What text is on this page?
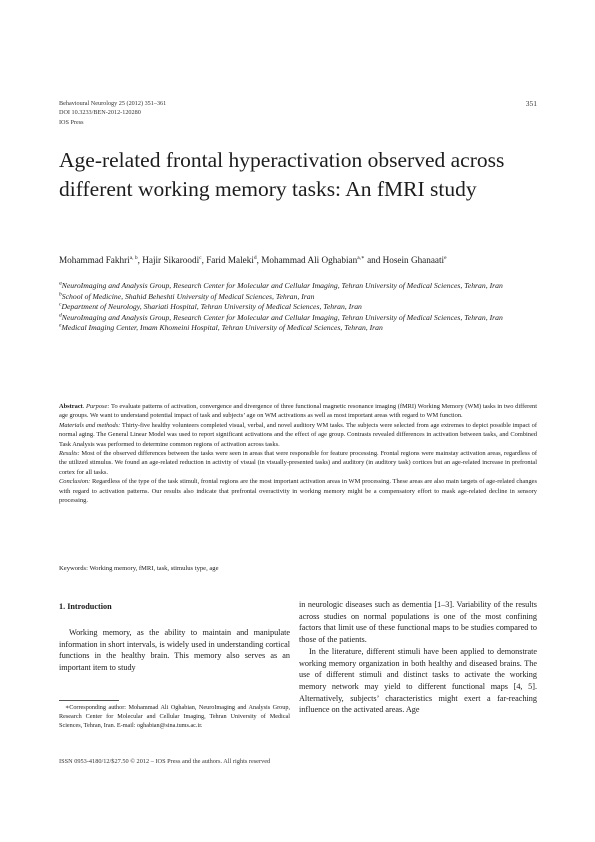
Behavioural Neurology 25 (2012) 351–361
DOI 10.3233/BEN-2012-120280
IOS Press
351
Age-related frontal hyperactivation observed across different working memory tasks: An fMRI study
Mohammad Fakhri$^{a, b}$, Hajir Sikaroodi$^c$, Farid Maleki$^d$, Mohammad Ali Oghabian$^{a,∗}$ and Hosein Ghanaati$^e$

$^a$NeuroImaging and Analysis Group, Research Center for Molecular and Cellular Imaging, Tehran University of Medical Sciences, Tehran, Iran

$^b$School of Medicine, Shahid Beheshti University of Medical Sciences, Tehran, Iran

$^c$Department of Neurology, Shariati Hospital, Tehran University of Medical Sciences, Tehran, Iran

$^d$NeuroImaging and Analysis Group, Research Center for Molecular and Cellular Imaging, Tehran University of Medical Sciences, Tehran, Iran

$^e$Medical Imaging Center, Imam Khomeini Hospital, Tehran University of Medical Sciences, Tehran, Iran

Abstract. Purpose: To evaluate patterns of activation, convergence and divergence of three functional magnetic resonance imaging (fMRI) Working Memory (WM) tasks in two different age groups. We want to understand potential impact of task and subjects’ age on WM activations as well as most important areas with regard to WM function.

Materials and methods: Thirty-five healthy volunteers completed visual, verbal, and novel auditory WM tasks. The subjects were selected from age extremes to depict possible impact of normal aging. The General Linear Model was used to report significant activations and the effect of age group. Contrasts revealed differences in activation between tasks, and Combined Task Analysis was performed to determine common regions of activation across tasks.

Results: Most of the observed differences between the tasks were seen in areas that were responsible for feature processing. Frontal regions were mainstay activation areas, regardless of the utilized stimulus. We found an age-related reduction in activity of visual (in visually-presented tasks) and auditory (in auditory task) cortices but an age-related increase in prefrontal cortex for all tasks.

Conclusion: Regardless of the type of the task stimuli, frontal regions are the most important activation areas in WM processing. These areas are also main targets of age-related changes with regard to activation patterns. Our results also indicate that prefrontal overactivity in working memory might be a compensatory effort to mask age-related decline in sensory processing.

Keywords: Working memory, fMRI, task, stimulus type, age
1. Introduction

Working memory, as the ability to maintain and manipulate information in short intervals, is widely used in understanding cortical functions in the healthy brain. This memory also serves as an important item to study

in neurologic diseases such as dementia [1–3]. Variability of the results across studies on normal populations is one of the most confining factors that limit use of these functional maps to be studies compared to those of the patients.

In the literature, different stimuli have been applied to demonstrate working memory organization in both healthy and diseased brains. The use of different stimuli and distinct tasks to activate the working memory network may yield to different functional maps [4, 5]. Alternatively, subjects’ characteristics might exert a far-reaching influence on the activated areas. Age

∗Corresponding author: Mohammad Ali Oghabian, NeuroImaging and Analysis Group, Research Center for Molecular and Cellular Imaging, Tehran University of Medical Sciences, Tehran, Iran. E-mail: oghabian@sina.tums.ac.ir.
ISSN 0953-4180/12/$27.50 © 2012 – IOS Press and the authors. All rights reserved
